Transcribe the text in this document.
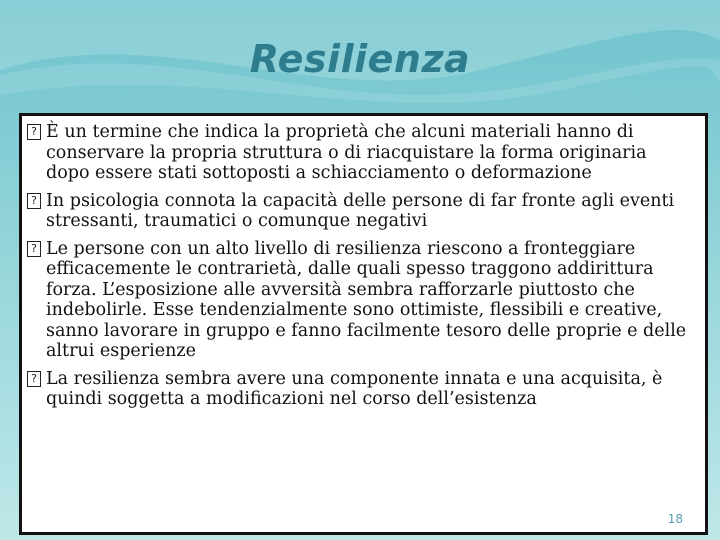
Resilienza
? È un termine che indica la proprietà che alcuni materiali hanno di conservare la propria struttura o di riacquistare la forma originaria dopo essere stati sottoposti a schiacciamento o deformazione
? In psicologia connota la capacità delle persone di far fronte agli eventi stressanti, traumatici o comunque negativi
? Le persone con un alto livello di resilienza riescono a fronteggiare efficacemente le contrarietà, dalle quali spesso traggono addirittura forza. L’esposizione alle avversità sembra rafforzarle piuttosto che indebolirle. Esse tendenzialmente sono ottimiste, flessibili e creative, sanno lavorare in gruppo e fanno facilmente tesoro delle proprie e delle altrui esperienze
? La resilienza sembra avere una componente innata e una acquisita, è quindi soggetta a modificazioni nel corso dell’esistenza
18
